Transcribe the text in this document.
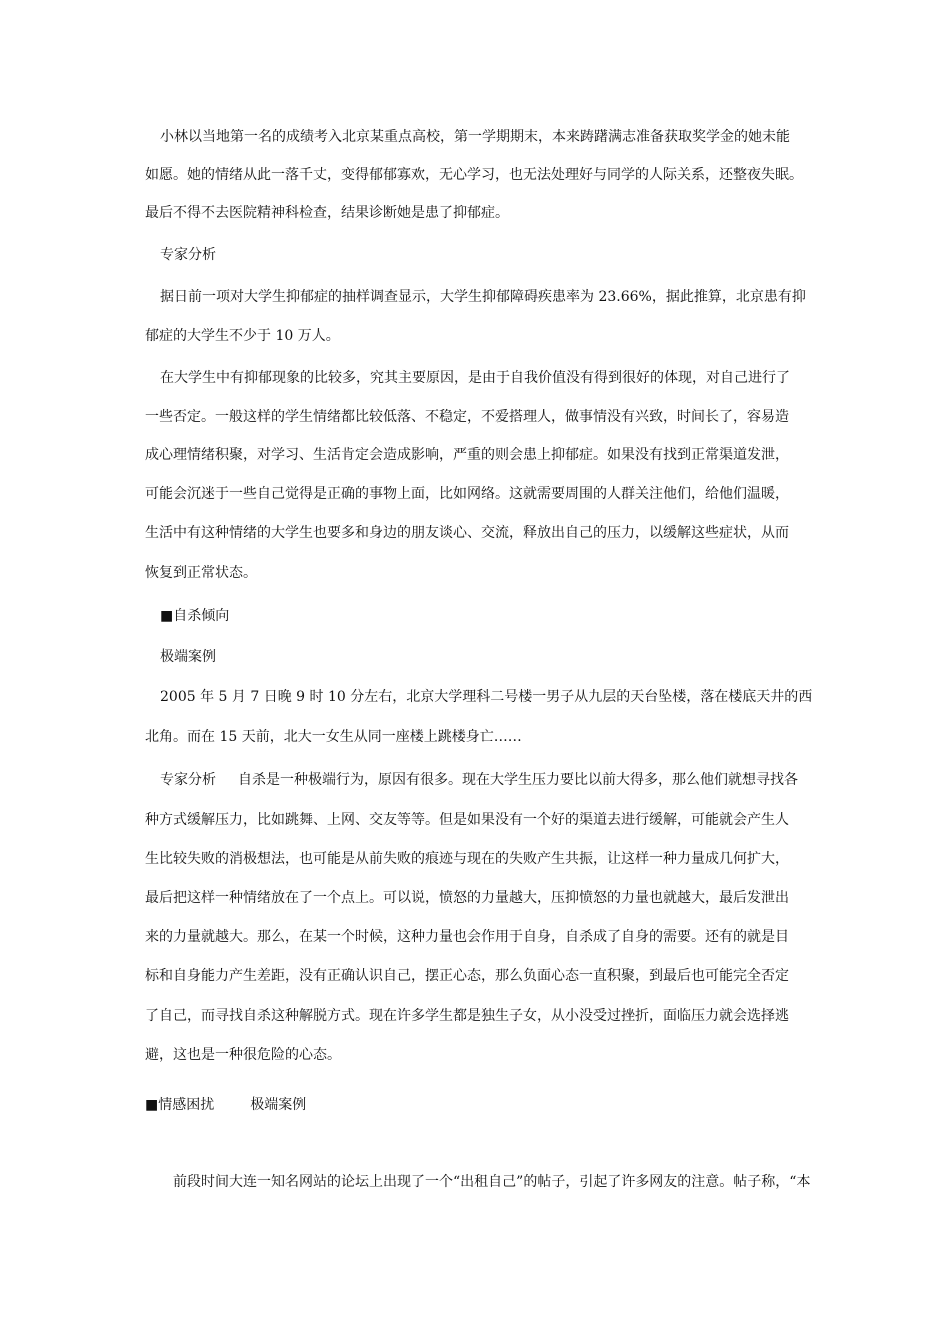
小林以当地第一名的成绩考入北京某重点高校，第一学期期末，本来踌躇满志准备获取奖学金的她未能
如愿。她的情绪从此一落千丈，变得郁郁寡欢，无心学习，也无法处理好与同学的人际关系，还整夜失眠。
最后不得不去医院精神科检查，结果诊断她是患了抑郁症。
专家分析
据日前一项对大学生抑郁症的抽样调查显示，大学生抑郁障碍疾患率为 23.66%，据此推算，北京患有抑
郁症的大学生不少于 10 万人。
在大学生中有抑郁现象的比较多，究其主要原因，是由于自我价值没有得到很好的体现，对自己进行了
一些否定。一般这样的学生情绪都比较低落、不稳定，不爱搭理人，做事情没有兴致，时间长了，容易造
成心理情绪积聚，对学习、生活肯定会造成影响，严重的则会患上抑郁症。如果没有找到正常渠道发泄，
可能会沉迷于一些自己觉得是正确的事物上面，比如网络。这就需要周围的人群关注他们，给他们温暖，
生活中有这种情绪的大学生也要多和身边的朋友谈心、交流，释放出自己的压力，以缓解这些症状，从而
恢复到正常状态。
■自杀倾向
极端案例
2005 年 5 月 7 日晚 9 时 10 分左右，北京大学理科二号楼一男子从九层的天台坠楼，落在楼底天井的西
北角。而在 15 天前，北大一女生从同一座楼上跳楼身亡……
专家分析 自杀是一种极端行为，原因有很多。现在大学生压力要比以前大得多，那么他们就想寻找各
种方式缓解压力，比如跳舞、上网、交友等等。但是如果没有一个好的渠道去进行缓解，可能就会产生人
生比较失败的消极想法，也可能是从前失败的痕迹与现在的失败产生共振，让这样一种力量成几何扩大，
最后把这样一种情绪放在了一个点上。可以说，愤怒的力量越大，压抑愤怒的力量也就越大，最后发泄出
来的力量就越大。那么，在某一个时候，这种力量也会作用于自身，自杀成了自身的需要。还有的就是目
标和自身能力产生差距，没有正确认识自己，摆正心态，那么负面心态一直积聚，到最后也可能完全否定
了自己，而寻找自杀这种解脱方式。现在许多学生都是独生子女，从小没受过挫折，面临压力就会选择逃
避，这也是一种很危险的心态。
■情感困扰	极端案例
前段时间大连一知名网站的论坛上出现了一个“出租自己”的帖子，引起了许多网友的注意。帖子称，“本
